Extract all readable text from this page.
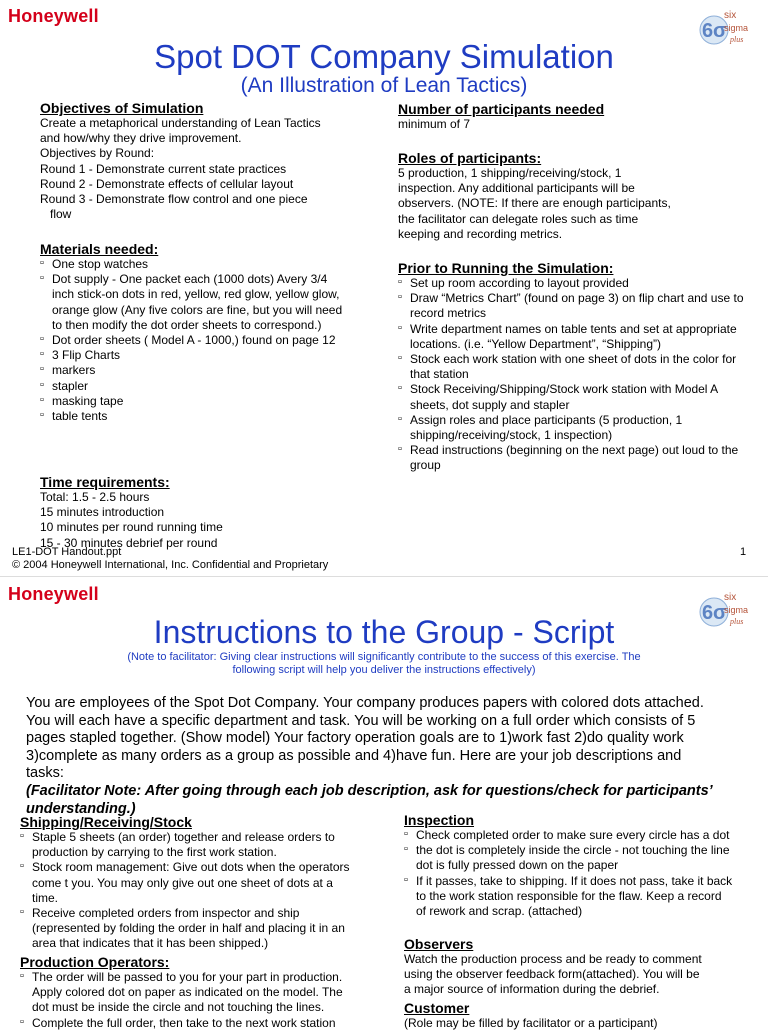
Honeywell
6 σ
six
sigma
plus
Spot DOT Company Simulation
(An Illustration of Lean Tactics)
Objectives of Simulation
Create a metaphorical understanding of Lean Tactics
and how/why they drive improvement.
Objectives by Round:
Round 1 - Demonstrate current state practices
Round 2 - Demonstrate effects of cellular layout
Round 3 - Demonstrate flow control and one piece
flow
Materials needed:
▫ One stop watches
▫ Dot supply - One packet each (1000 dots) Avery 3/4 inch stick-on dots in red, yellow, red glow, yellow glow, orange glow (Any five colors are fine, but you will need to then modify the dot order sheets to correspond.)
▫ Dot order sheets ( Model A - 1000,) found on page 12
▫ 3 Flip Charts
▫ markers
▫ stapler
▫ masking tape
▫ table tents
Time requirements:
Total: 1.5 - 2.5 hours
15 minutes introduction
10 minutes per round running time
15 - 30 minutes debrief per round
Number of participants needed
minimum of 7
Roles of participants:
5 production, 1 shipping/receiving/stock, 1
inspection. Any additional participants will be
observers. (NOTE: If there are enough participants,
the facilitator can delegate roles such as time
keeping and recording metrics.
Prior to Running the Simulation:
▫ Set up room according to layout provided
▫ Draw “Metrics Chart” (found on page 3) on flip chart and use to record metrics
▫ Write department names on table tents and set at appropriate locations. (i.e. “Yellow Department”, “Shipping”)
▫ Stock each work station with one sheet of dots in the color for that station
▫ Stock Receiving/Shipping/Stock work station with Model A sheets, dot supply and stapler
▫ Assign roles and place participants (5 production, 1 shipping/receiving/stock, 1 inspection)
▫ Read instructions (beginning on the next page) out loud to the group
LE1-DOT Handout.ppt
© 2004 Honeywell International, Inc. Confidential and Proprietary
1
Honeywell
6 σ
six
sigma
plus
Instructions to the Group - Script
(Note to facilitator: Giving clear instructions will significantly contribute to the success of this exercise. The
following script will help you deliver the instructions effectively)
You are employees of the Spot Dot Company. Your company produces papers with colored dots attached.
You will each have a specific department and task. You will be working on a full order which consists of 5
pages stapled together. (Show model) Your factory operation goals are to 1)work fast 2)do quality work
3)complete as many orders as a group as possible and 4)have fun. Here are your job descriptions and
tasks:
(Facilitator Note: After going through each job description, ask for questions/check for participants’
understanding.)
Shipping/Receiving/Stock
▫ Staple 5 sheets (an order) together and release orders to production by carrying to the first work station.
▫ Stock room management: Give out dots when the operators come t you. You may only give out one sheet of dots at a time.
▫ Receive completed orders from inspector and ship (represented by folding the order in half and placing it in an area that indicates that it has been shipped.)
Production Operators:
▫ The order will be passed to you for your part in production. Apply colored dot on paper as indicated on the model. The dot must be inside the circle and not touching the lines.
▫ Complete the full order, then take to the next work station
Inspection
▫ Check completed order to make sure every circle has a dot
▫ the dot is completely inside the circle - not touching the line dot is fully pressed down on the paper
▫ If it passes, take to shipping. If it does not pass, take it back to the work station responsible for the flaw. Keep a record of rework and scrap. (attached)
Observers
Watch the production process and be ready to comment
using the observer feedback form(attached). You will be
a major source of information during the debrief.
Customer
(Role may be filled by facilitator or a participant)
